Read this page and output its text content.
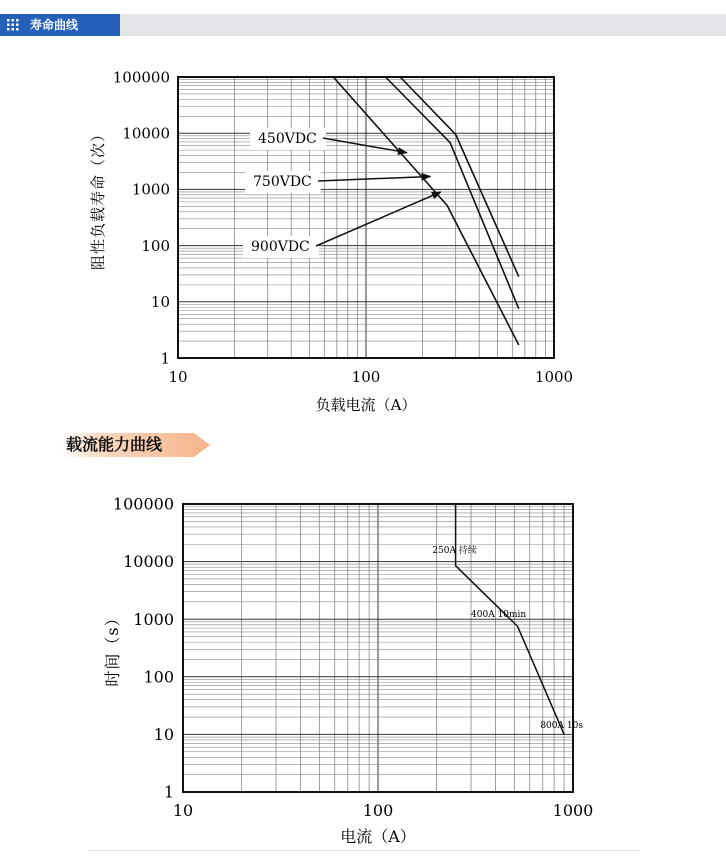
寿命曲线
1
10
100
1000
10000
100000
10	100	1000
负载电流（A）
阻性负载寿命（次）	450VDC
750VDC
900VDC
载流能力曲线
1
10
100
1000
10000
100000
10	100	1000
电流（A）
时间（s）
250A 持续
400A 10min
800A 10s
